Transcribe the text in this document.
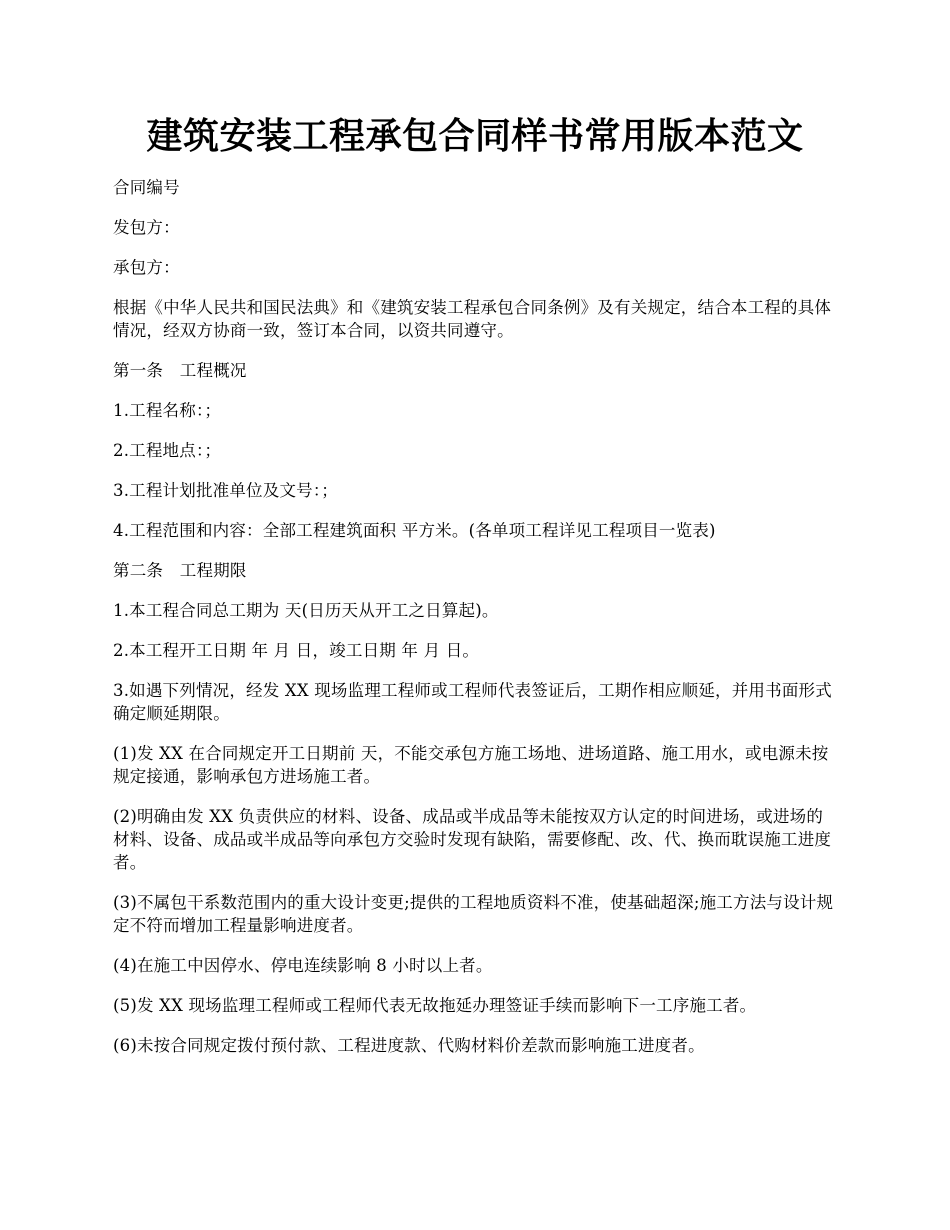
建筑安装工程承包合同样书常用版本范文

合同编号

发包方：

承包方：

根据《中华人民共和国民法典》和《建筑安装工程承包合同条例》及有关规定，结合本工程的具体情况，经双方协商一致，签订本合同，以资共同遵守。

第一条　工程概况

1.工程名称：；

2.工程地点：；

3.工程计划批准单位及文号：；

4.工程范围和内容：全部工程建筑面积 平方米。(各单项工程详见工程项目一览表)

第二条　工程期限

1.本工程合同总工期为 天(日历天从开工之日算起)。

2.本工程开工日期 年 月 日，竣工日期 年 月 日。

3.如遇下列情况，经发 XX 现场监理工程师或工程师代表签证后，工期作相应顺延，并用书面形式确定顺延期限。

(1)发 XX 在合同规定开工日期前 天，不能交承包方施工场地、进场道路、施工用水，或电源未按规定接通，影响承包方进场施工者。

(2)明确由发 XX 负责供应的材料、设备、成品或半成品等未能按双方认定的时间进场，或进场的材料、设备、成品或半成品等向承包方交验时发现有缺陷，需要修配、改、代、换而耽误施工进度者。

(3)不属包干系数范围内的重大设计变更;提供的工程地质资料不准，使基础超深;施工方法与设计规定不符而增加工程量影响进度者。

(4)在施工中因停水、停电连续影响 8 小时以上者。

(5)发 XX 现场监理工程师或工程师代表无故拖延办理签证手续而影响下一工序施工者。

(6)未按合同规定拨付预付款、工程进度款、代购材料价差款而影响施工进度者。
